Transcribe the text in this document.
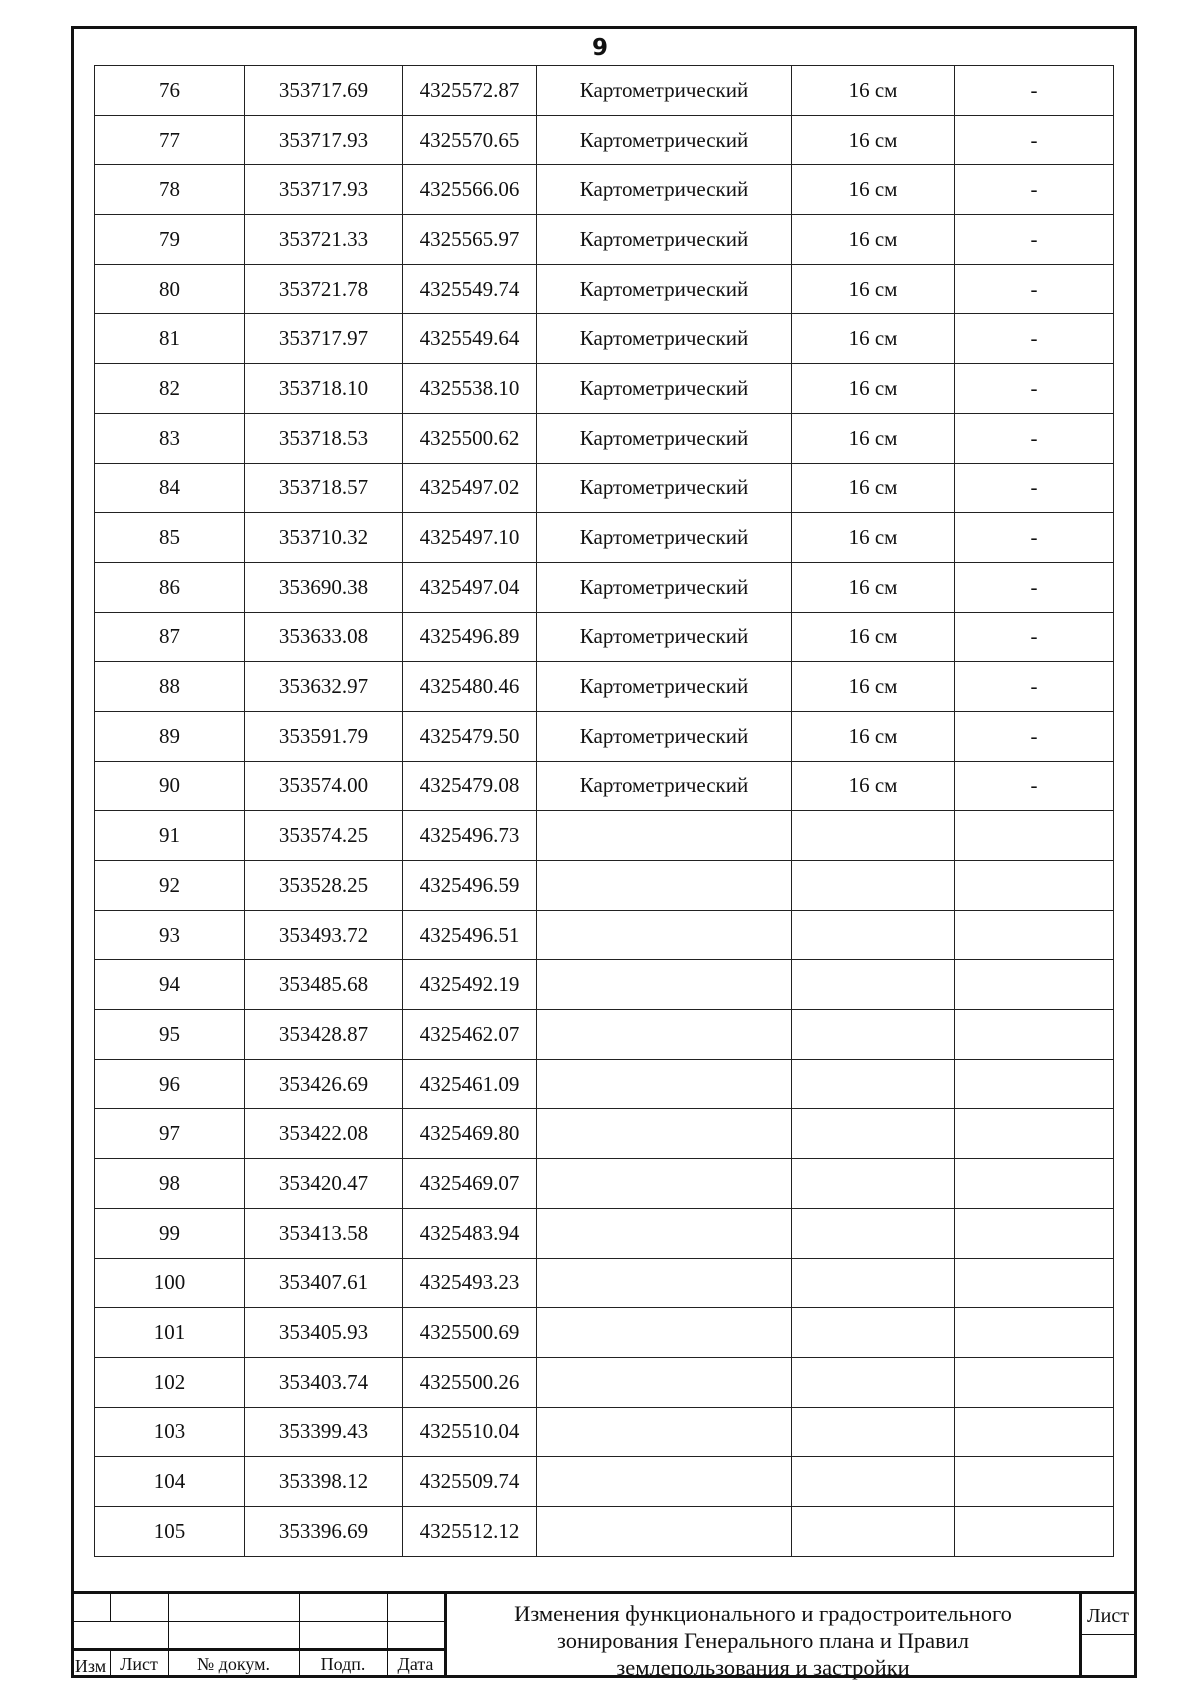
9
76	353717.69	4325572.87	Картометрический	16 см	-
77	353717.93	4325570.65	Картометрический	16 см	-
78	353717.93	4325566.06	Картометрический	16 см	-
79	353721.33	4325565.97	Картометрический	16 см	-
80	353721.78	4325549.74	Картометрический	16 см	-
81	353717.97	4325549.64	Картометрический	16 см	-
82	353718.10	4325538.10	Картометрический	16 см	-
83	353718.53	4325500.62	Картометрический	16 см	-
84	353718.57	4325497.02	Картометрический	16 см	-
85	353710.32	4325497.10	Картометрический	16 см	-
86	353690.38	4325497.04	Картометрический	16 см	-
87	353633.08	4325496.89	Картометрический	16 см	-
88	353632.97	4325480.46	Картометрический	16 см	-
89	353591.79	4325479.50	Картометрический	16 см	-
90	353574.00	4325479.08	Картометрический	16 см	-
91	353574.25	4325496.73			
92	353528.25	4325496.59			
93	353493.72	4325496.51			
94	353485.68	4325492.19			
95	353428.87	4325462.07			
96	353426.69	4325461.09			
97	353422.08	4325469.80			
98	353420.47	4325469.07			
99	353413.58	4325483.94			
100	353407.61	4325493.23			
101	353405.93	4325500.69			
102	353403.74	4325500.26			
103	353399.43	4325510.04			
104	353398.12	4325509.74			
105	353396.69	4325512.12			
Изм Лист	№ докум.	Подп.	Дата
Изменения функционального и градостроительного
зонирования Генерального плана и Правил
землепользования и застройки
Лист
